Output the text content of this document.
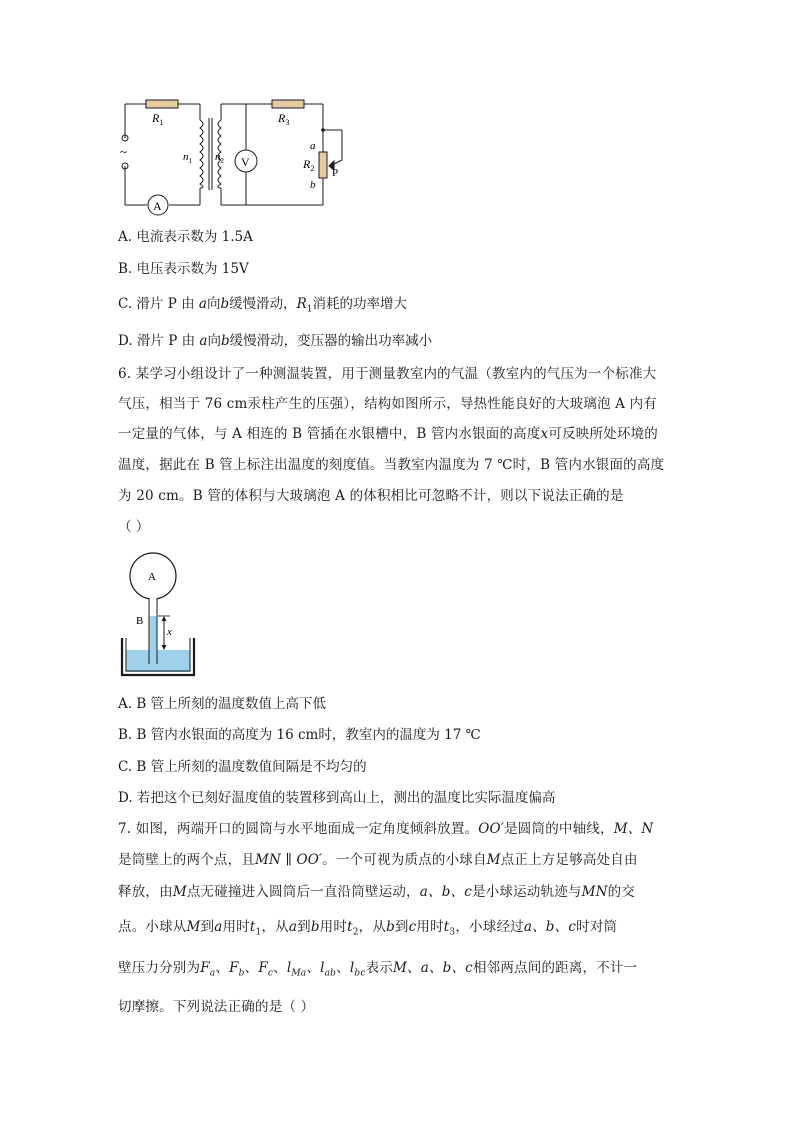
$R_1$	$R_3$
$R_2$
$n_1$ $n_2$ V
A
~	a
b
P
A. 电流表示数为 1.5A
B. 电压表示数为 15V
C. 滑片 P 由 a向b缓慢滑动，$R_1$消耗的功率增大
D. 滑片 P 由 a向b缓慢滑动，变压器的输出功率减小
6. 某学习小组设计了一种测温装置，用于测量教室内的气温（教室内的气压为一个标准大
气压，相当于 76 cm汞柱产生的压强），结构如图所示，导热性能良好的大玻璃泡 A 内有
一定量的气体，与 A 相连的 B 管插在水银槽中，B 管内水银面的高度x可反映所处环境的
温度，据此在 B 管上标注出温度的刻度值。当教室内温度为 7 ℃时，B 管内水银面的高度
为 20 cm。B 管的体积与大玻璃泡 A 的体积相比可忽略不计，则以下说法正确的是
（ ）
A
B
x
A. B 管上所刻的温度数值上高下低
B. B 管内水银面的高度为 16 cm时，教室内的温度为 17 ℃
C. B 管上所刻的温度数值间隔是不均匀的
D. 若把这个已刻好温度值的装置移到高山上，测出的温度比实际温度偏高
7. 如图，两端开口的圆筒与水平地面成一定角度倾斜放置。OO′是圆筒的中轴线，M、N
是筒壁上的两个点，且MN ∥ OO′。一个可视为质点的小球自M点正上方足够高处自由
释放，由M点无碰撞进入圆筒后一直沿筒壁运动，a、b、c是小球运动轨迹与MN的交
点。小球从M到a用时$t_1$，从a到b用时$t_2$，从b到c用时$t_3$，小球经过a、b、c时对筒
壁压力分别为$F_a$、$F_b$、$F_c$、$l_{Ma}$、$l_{ab}$、$l_{bc}$表示M、a、b、c相邻两点间的距离，不计一
切摩擦。下列说法正确的是（ ）
